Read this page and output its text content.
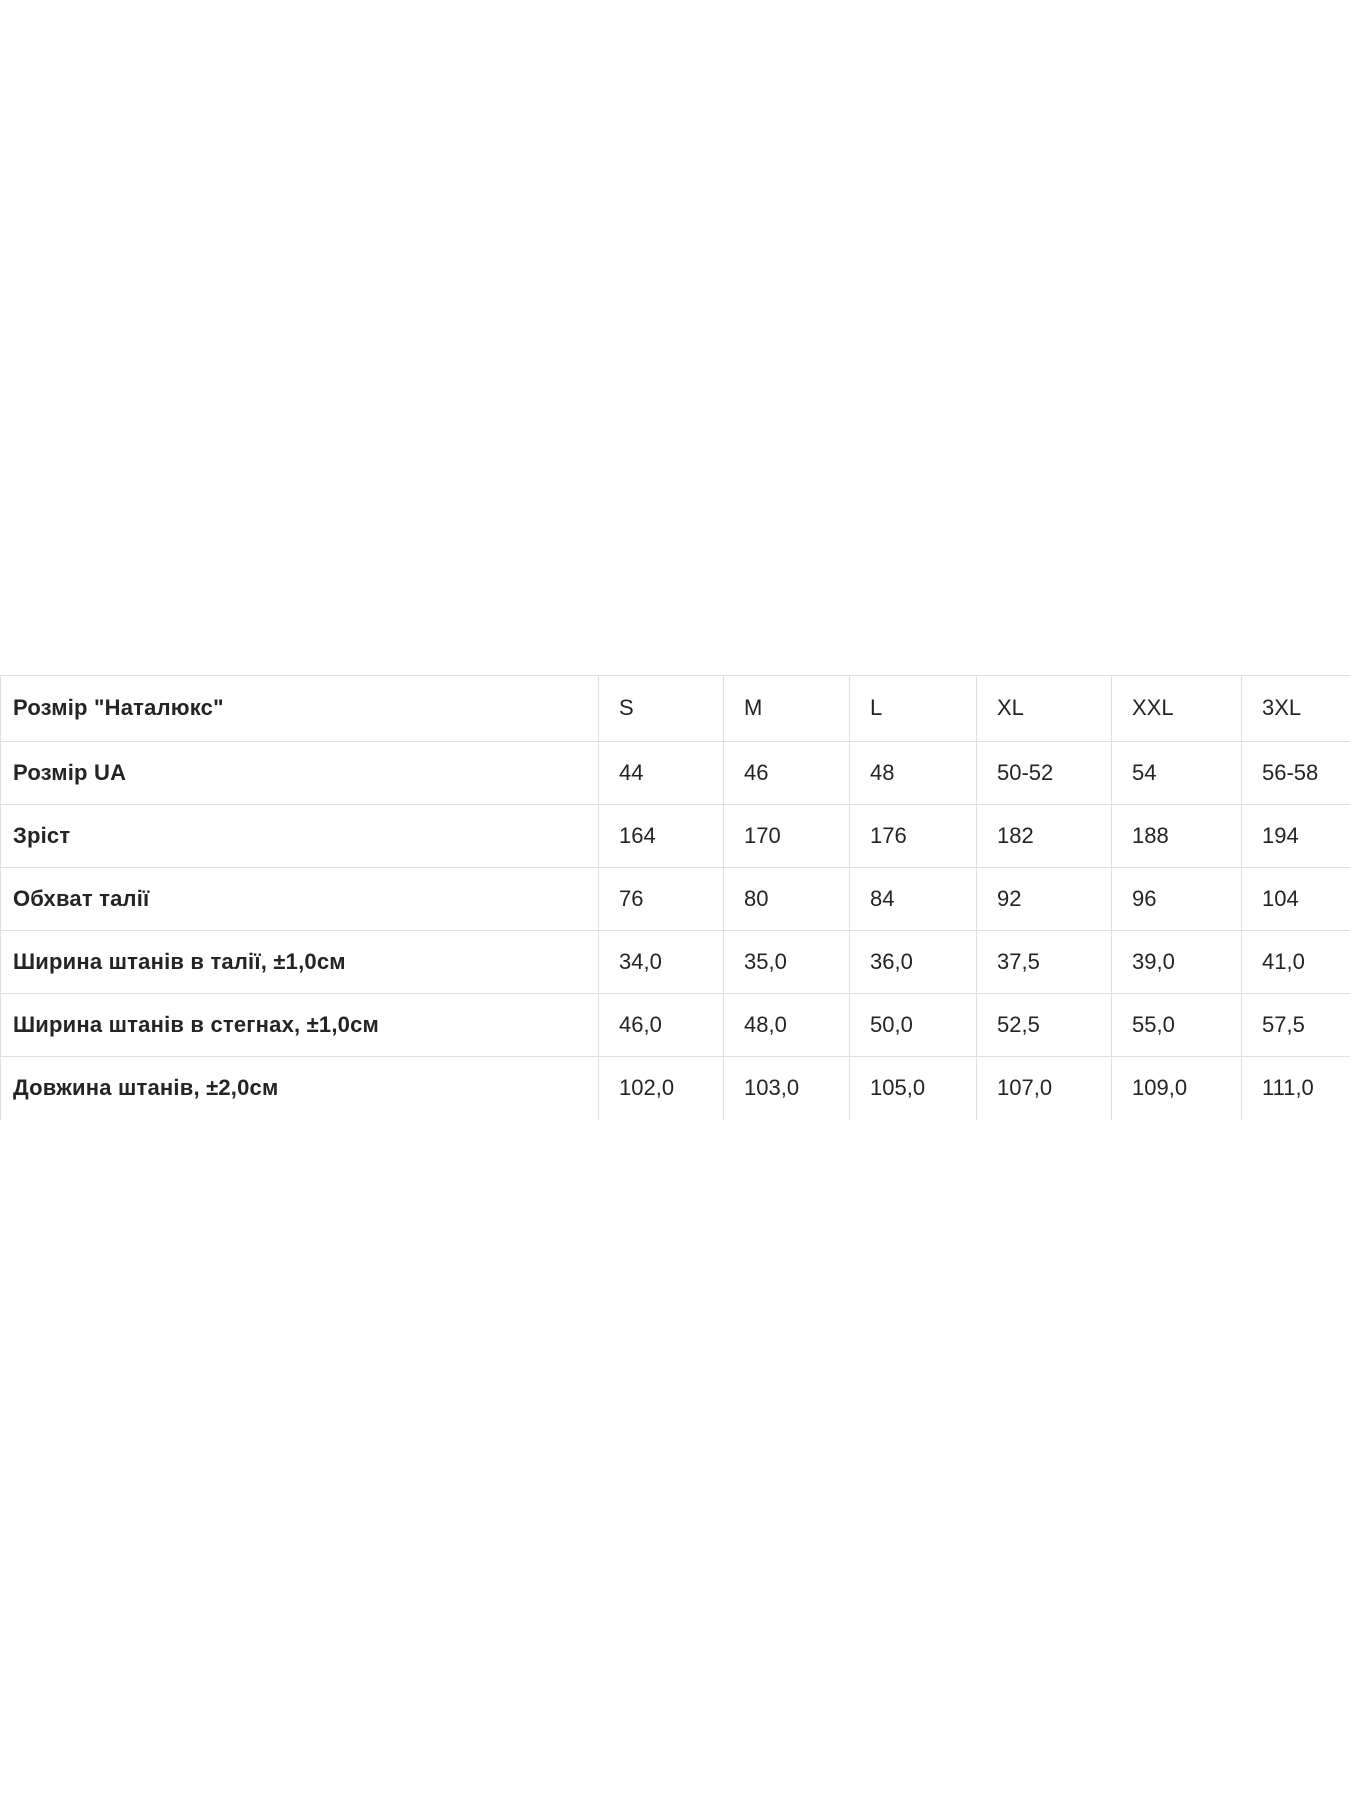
Розмір "Наталюкс"	S	M	L	XL	XXL	3XL
Розмір UA	44	46	48	50-52	54	56-58
Зріст	164	170	176	182	188	194
Обхват талії	76	80	84	92	96	104
Ширина штанів в талії, ±1,0см	34,0	35,0	36,0	37,5	39,0	41,0
Ширина штанів в стегнах, ±1,0см	46,0	48,0	50,0	52,5	55,0	57,5
Довжина штанів, ±2,0см	102,0	103,0	105,0	107,0	109,0	111,0
